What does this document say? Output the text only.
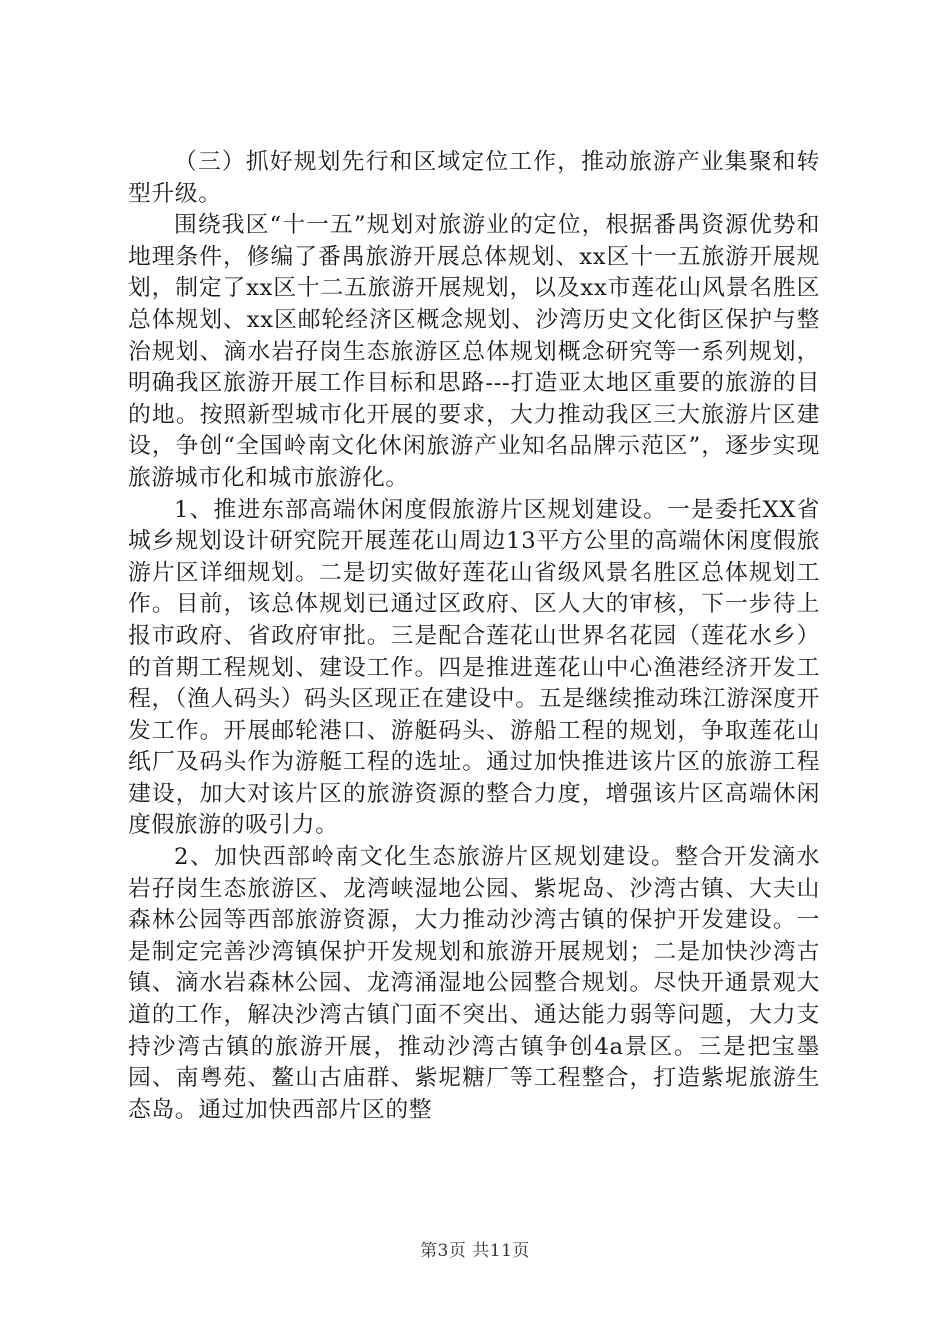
（三）抓好规划先行和区域定位工作，推动旅游产业集聚和转型升级。

围绕我区“十一五”规划对旅游业的定位，根据番禺资源优势和地理条件，修编了番禺旅游开展总体规划、xx区十一五旅游开展规划，制定了xx区十二五旅游开展规划，以及xx市莲花山风景名胜区总体规划、xx区邮轮经济区概念规划、沙湾历史文化街区保护与整治规划、滴水岩孖岗生态旅游区总体规划概念研究等一系列规划，明确我区旅游开展工作目标和思路---打造亚太地区重要的旅游的目的地。按照新型城市化开展的要求，大力推动我区三大旅游片区建设，争创“全国岭南文化休闲旅游产业知名品牌示范区”，逐步实现旅游城市化和城市旅游化。

1、推进东部高端休闲度假旅游片区规划建设。一是委托XX省城乡规划设计研究院开展莲花山周边13平方公里的高端休闲度假旅游片区详细规划。二是切实做好莲花山省级风景名胜区总体规划工作。目前，该总体规划已通过区政府、区人大的审核，下一步待上报市政府、省政府审批。三是配合莲花山世界名花园（莲花水乡）的首期工程规划、建设工作。四是推进莲花山中心渔港经济开发工程，（渔人码头）码头区现正在建设中。五是继续推动珠江游深度开发工作。开展邮轮港口、游艇码头、游船工程的规划，争取莲花山纸厂及码头作为游艇工程的选址。通过加快推进该片区的旅游工程建设，加大对该片区的旅游资源的整合力度，增强该片区高端休闲度假旅游的吸引力。

2、加快西部岭南文化生态旅游片区规划建设。整合开发滴水岩孖岗生态旅游区、龙湾峡湿地公园、紫坭岛、沙湾古镇、大夫山森林公园等西部旅游资源，大力推动沙湾古镇的保护开发建设。一是制定完善沙湾镇保护开发规划和旅游开展规划；二是加快沙湾古镇、滴水岩森林公园、龙湾涌湿地公园整合规划。尽快开通景观大道的工作，解决沙湾古镇门面不突出、通达能力弱等问题，大力支持沙湾古镇的旅游开展，推动沙湾古镇争创4a景区。三是把宝墨园、南粤苑、鳌山古庙群、紫坭糖厂等工程整合，打造紫坭旅游生态岛。通过加快西部片区的整

第3页 共11页
